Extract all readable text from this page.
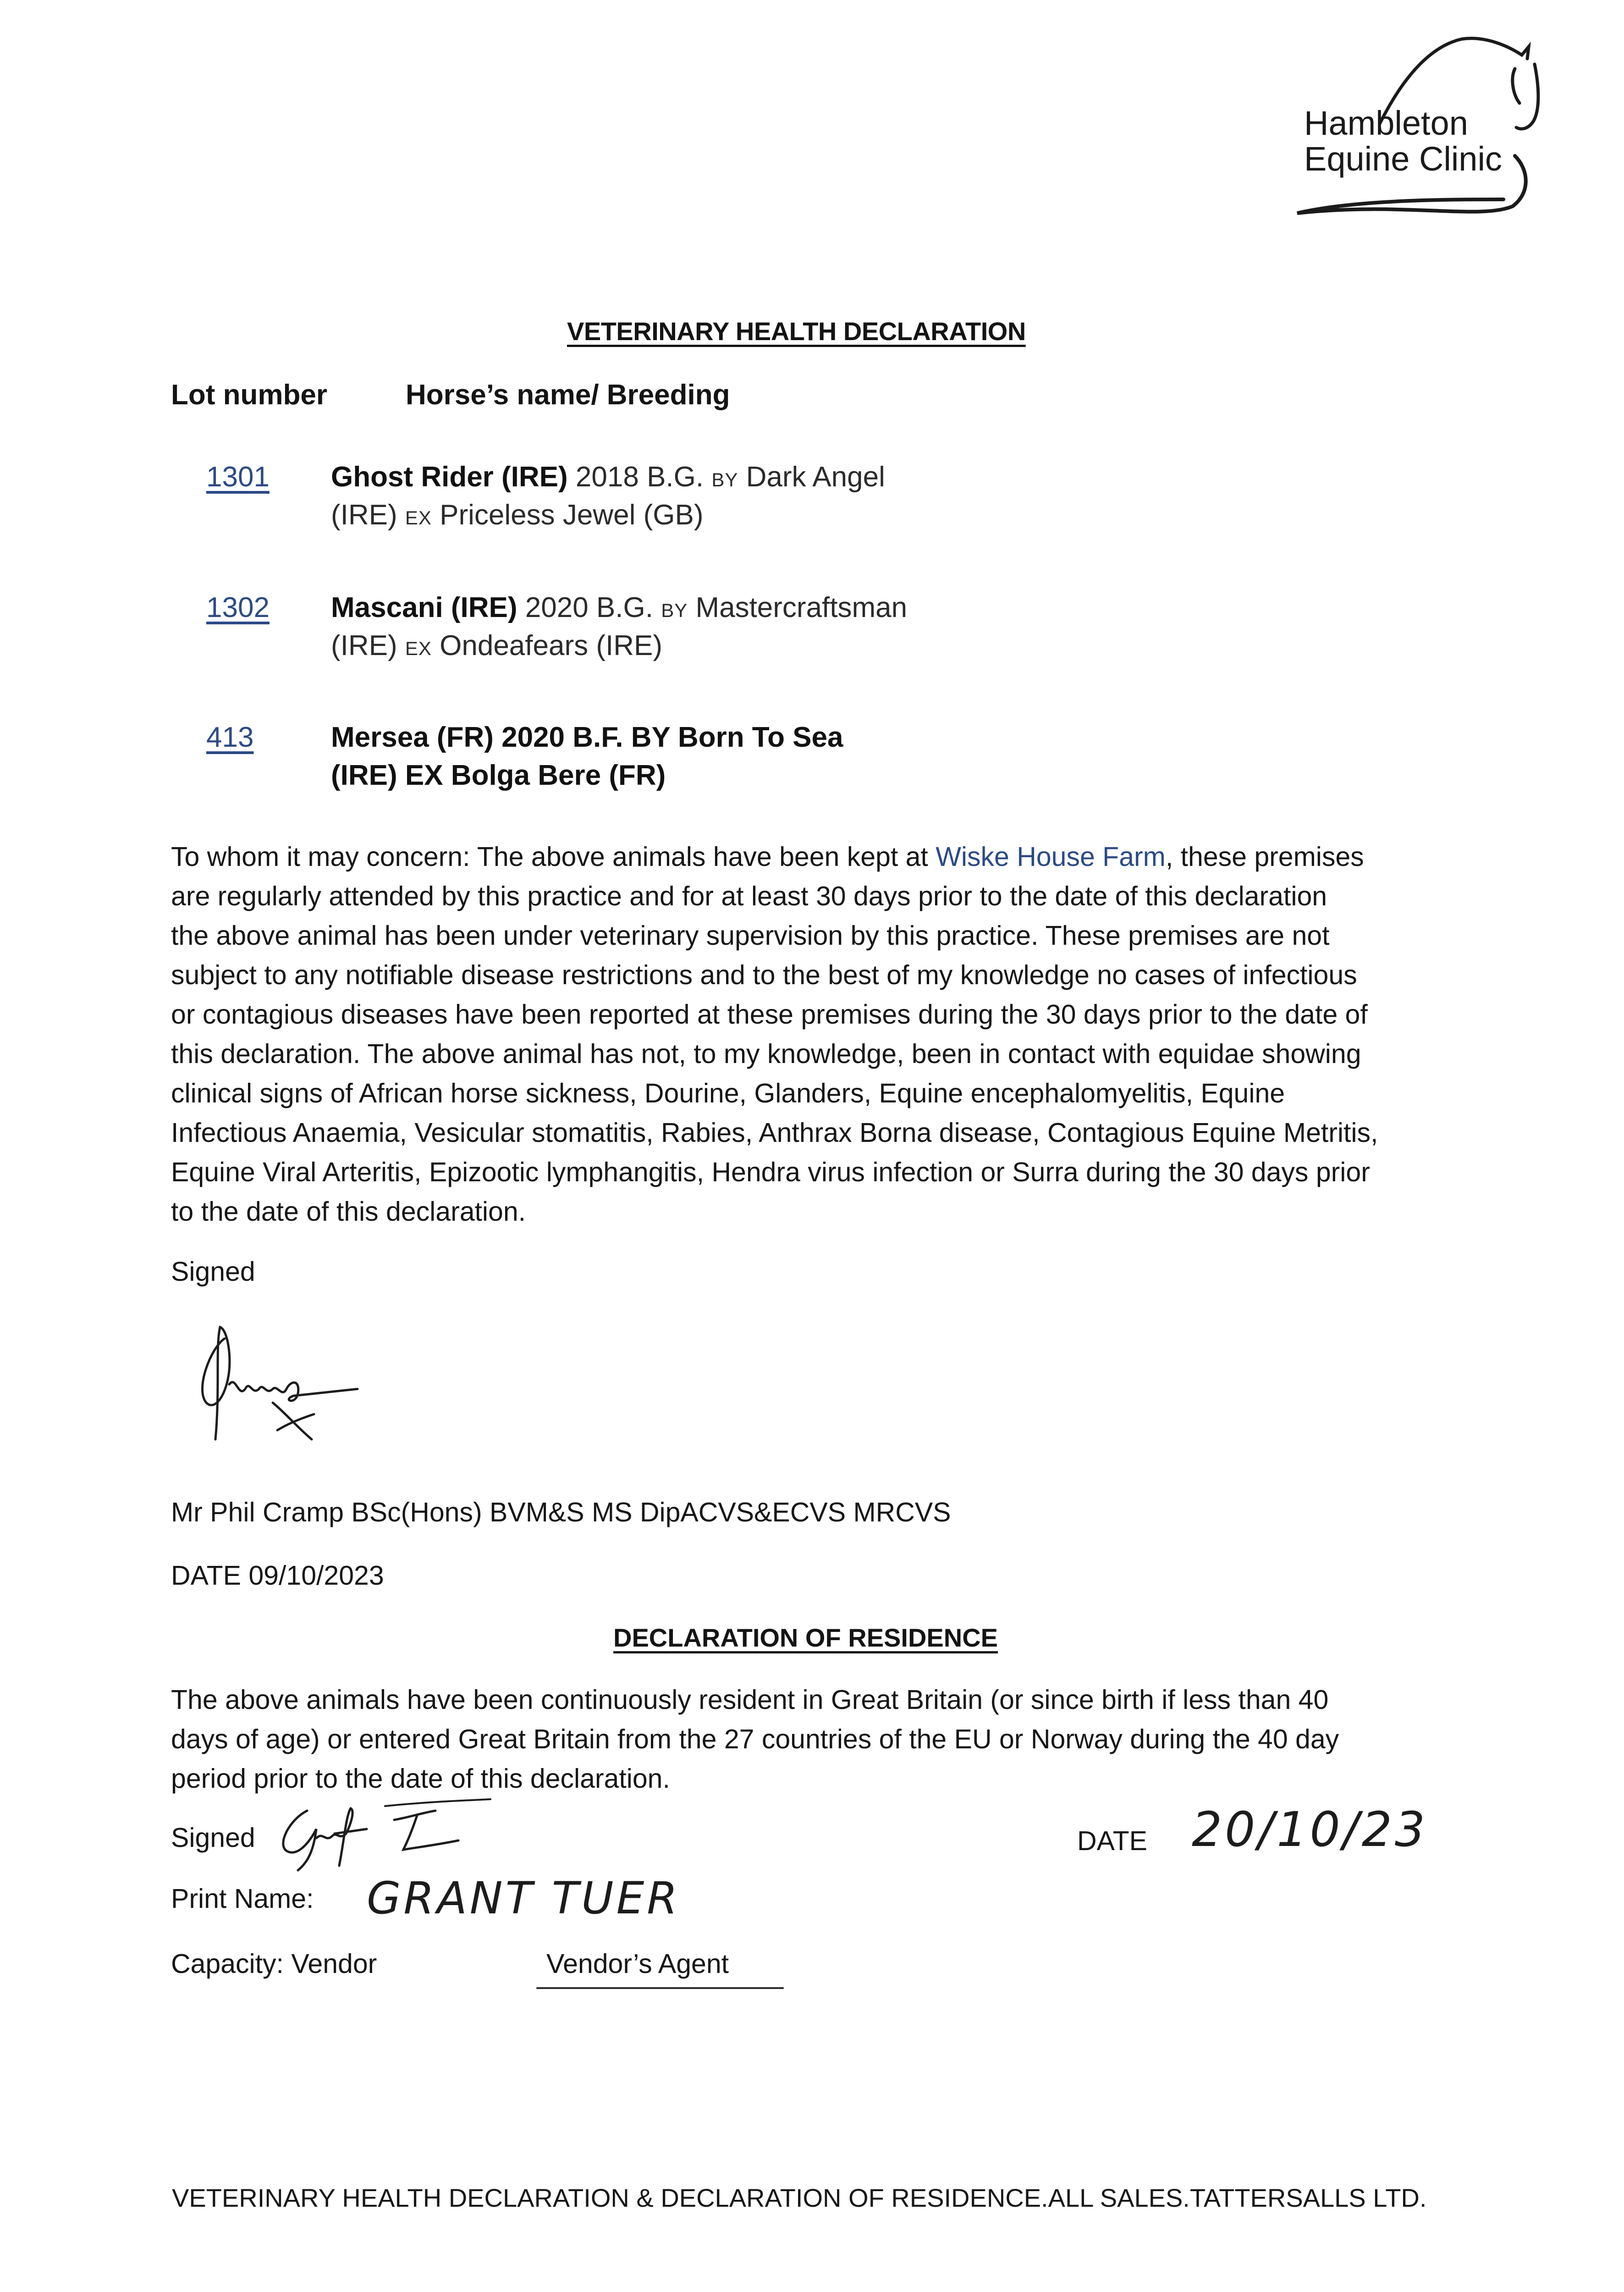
Hambleton
Equine Clinic
VETERINARY HEALTH DECLARATION
Lot number	Horse’s name/ Breeding
1301 Ghost Rider (IRE) 2018 B.G. BY Dark Angel
(IRE) EX Priceless Jewel (GB)
1302 Mascani (IRE) 2020 B.G. BY Mastercraftsman
(IRE) EX Ondeafears (IRE)
413	Mersea (FR) 2020 B.F. BY Born To Sea
(IRE) EX Bolga Bere (FR)
To whom it may concern: The above animals have been kept at Wiske House Farm, these premises
are regularly attended by this practice and for at least 30 days prior to the date of this declaration
the above animal has been under veterinary supervision by this practice. These premises are not
subject to any notifiable disease restrictions and to the best of my knowledge no cases of infectious
or contagious diseases have been reported at these premises during the 30 days prior to the date of
this declaration. The above animal has not, to my knowledge, been in contact with equidae showing
clinical signs of African horse sickness, Dourine, Glanders, Equine encephalomyelitis, Equine
Infectious Anaemia, Vesicular stomatitis, Rabies, Anthrax Borna disease, Contagious Equine Metritis,
Equine Viral Arteritis, Epizootic lymphangitis, Hendra virus infection or Surra during the 30 days prior
to the date of this declaration.
Signed
Mr Phil Cramp BSc(Hons) BVM&S MS DipACVS&ECVS MRCVS
DATE 09/10/2023
DECLARATION OF RESIDENCE
The above animals have been continuously resident in Great Britain (or since birth if less than 40
days of age) or entered Great Britain from the 27 countries of the EU or Norway during the 40 day
period prior to the date of this declaration.
Signed	DATE 20/10/23
Print Name: GRANT TUER
Capacity: Vendor	Vendor’s Agent
VETERINARY HEALTH DECLARATION & DECLARATION OF RESIDENCE.ALL SALES.TATTERSALLS LTD.
